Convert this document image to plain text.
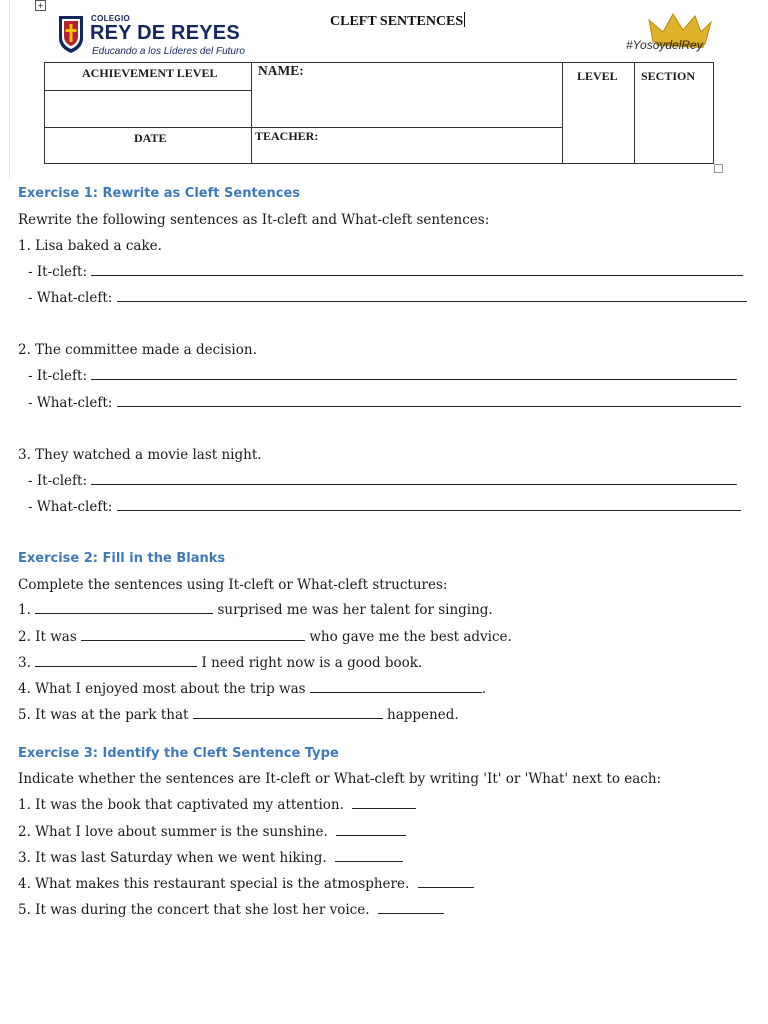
+
COLEGIO
REY DE REYES
Educando a los Líderes del Futuro
CLEFT SENTENCES
#YosoydelRey
ACHIEVEMENT LEVEL	NAME:	LEVEL SECTION
DATE	TEACHER:
Exercise 1: Rewrite as Cleft Sentences
Rewrite the following sentences as It-cleft and What-cleft sentences:
1. Lisa baked a cake.
- It-cleft:
- What-cleft:
2. The committee made a decision.
- It-cleft:
- What-cleft:
3. They watched a movie last night.
- It-cleft:
- What-cleft:
Exercise 2: Fill in the Blanks
Complete the sentences using It-cleft or What-cleft structures:
1.	surprised me was her talent for singing.
2. It was	who gave me the best advice.
3.	I need right now is a good book.
4. What I enjoyed most about the trip was	.
5. It was at the park that	happened.
Exercise 3: Identify the Cleft Sentence Type
Indicate whether the sentences are It-cleft or What-cleft by writing 'It' or 'What' next to each:
1. It was the book that captivated my attention.
2. What I love about summer is the sunshine.
3. It was last Saturday when we went hiking.
4. What makes this restaurant special is the atmosphere.
5. It was during the concert that she lost her voice.
